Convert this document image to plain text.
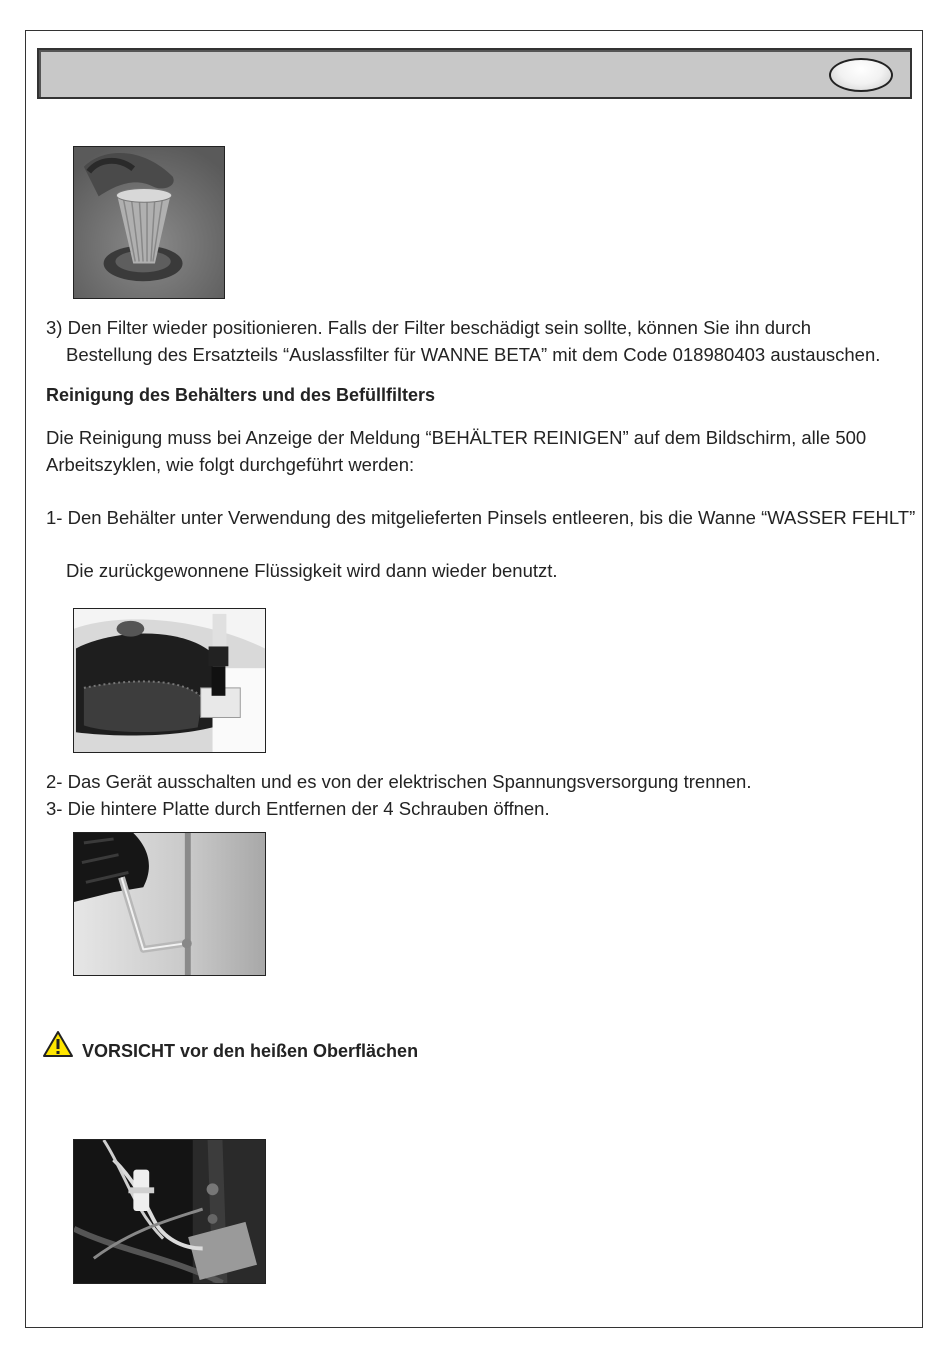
3) Den Filter wieder positionieren. Falls der Filter beschädigt sein sollte, können Sie ihn durch
Bestellung des Ersatzteils “Auslassfilter für WANNE BETA” mit dem Code 018980403 austauschen.
Reinigung des Behälters und des Befüllfilters
Die Reinigung muss bei Anzeige der Meldung “BEHÄLTER REINIGEN” auf dem Bildschirm, alle 500
Arbeitszyklen, wie folgt durchgeführt werden:
1- Den Behälter unter Verwendung des mitgelieferten Pinsels entleeren, bis die Wanne “WASSER FEHLT”
Die zurückgewonnene Flüssigkeit wird dann wieder benutzt.
2- Das Gerät ausschalten und es von der elektrischen Spannungsversorgung trennen.
3- Die hintere Platte durch Entfernen der 4 Schrauben öffnen.
VORSICHT vor den heißen Oberflächen
